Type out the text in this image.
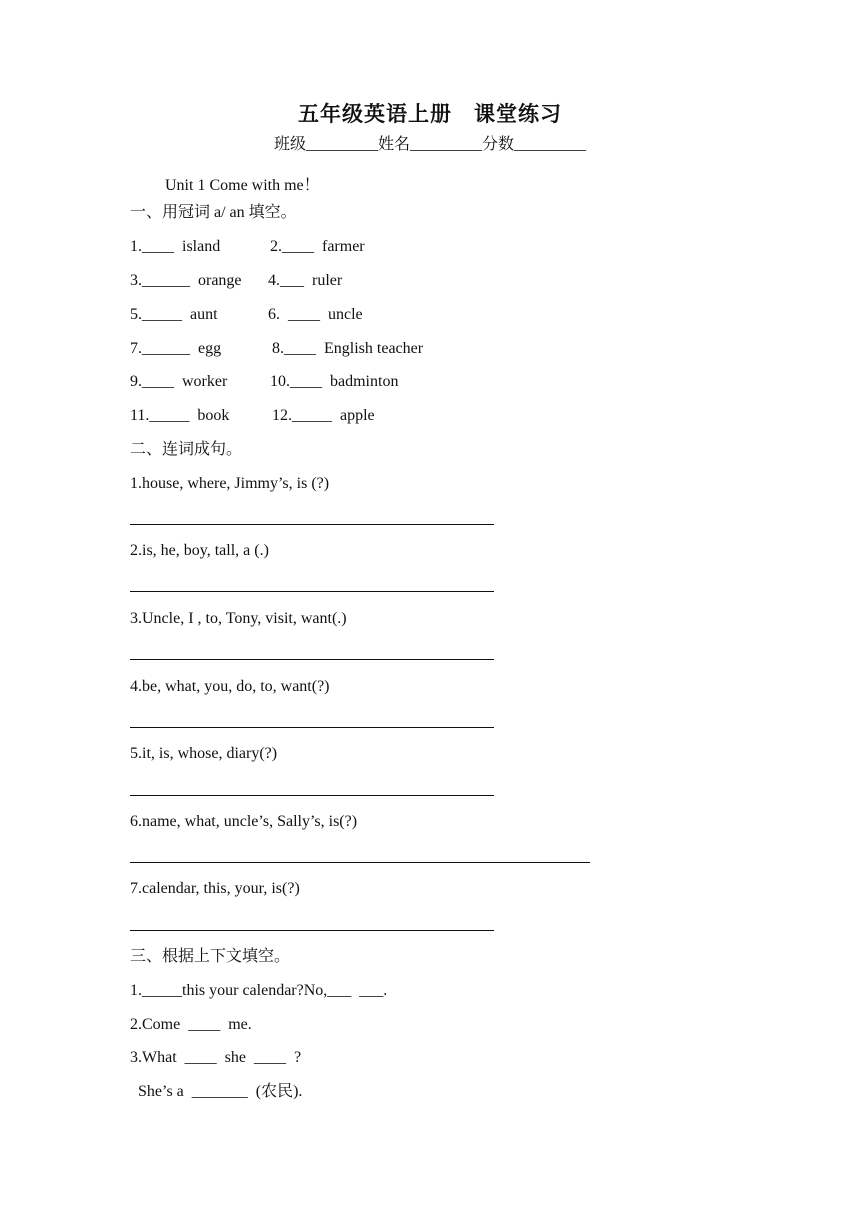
五年级英语上册　课堂练习
班级_________姓名_________分数_________
Unit 1 Come with me！
一、用冠词 a/ an 填空。
1.____  island	2.____  farmer
3.______  orange 4.___  ruler
5._____  aunt	6.  ____  uncle
7.______  egg	8.____  English teacher
9.____  worker	10.____  badminton
11._____  book	12._____  apple
二、连词成句。
1.house, where, Jimmy’s, is (?)
2.is, he, boy, tall, a (.)
3.Uncle, I , to, Tony, visit, want(.)
4.be, what, you, do, to, want(?)
5.it, is, whose, diary(?)
6.name, what, uncle’s, Sally’s, is(?)
7.calendar, this, your, is(?)
三、根据上下文填空。
1._____this your calendar?No,___  ___.
2.Come  ____  me.
3.What  ____  she  ____  ?
She’s a  _______  (农民).
